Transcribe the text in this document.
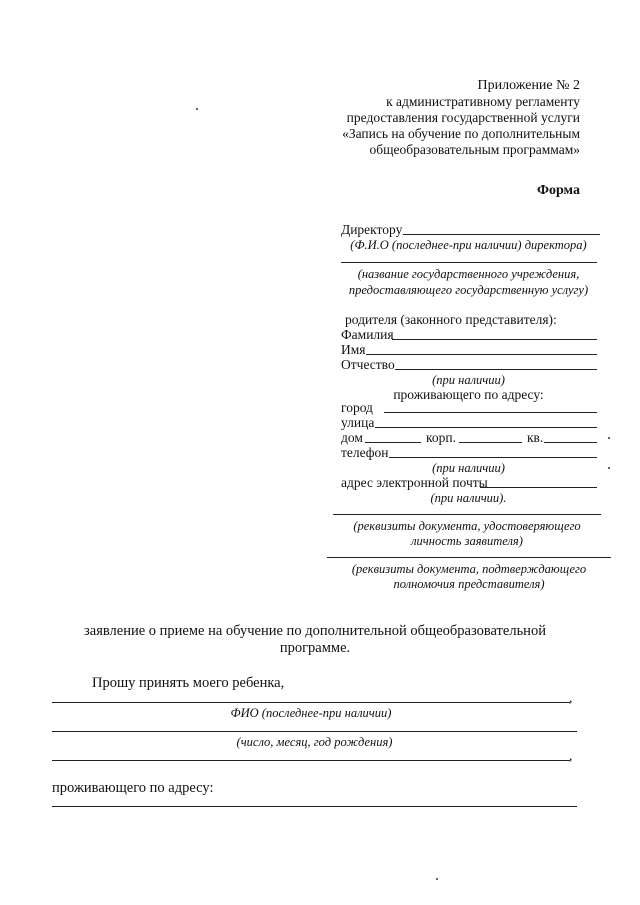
Приложение № 2
к административному регламенту
предоставления государственной услуги
«Запись на обучение по дополнительным
общеобразовательным программам»
Форма
Директору
(Ф.И.О (последнее-при наличии) директора)
(название государственного учреждения,
предоставляющего государственную услугу)
родителя (законного представителя):
Фамилия
Имя
Отчество
(при наличии)
проживающего по адресу:
город
улица
дом	корп.	кв.
телефон
(при наличии)
адрес электронной почты
(при наличии).
(реквизиты документа, удостоверяющего
личность заявителя)
(реквизиты документа, подтверждающего
полномочия представителя)
заявление о приеме на обучение по дополнительной общеобразовательной
программе.
Прошу принять моего ребенка,
,
ФИО (последнее-при наличии)
(число, месяц, год рождения)
,
проживающего по адресу:
